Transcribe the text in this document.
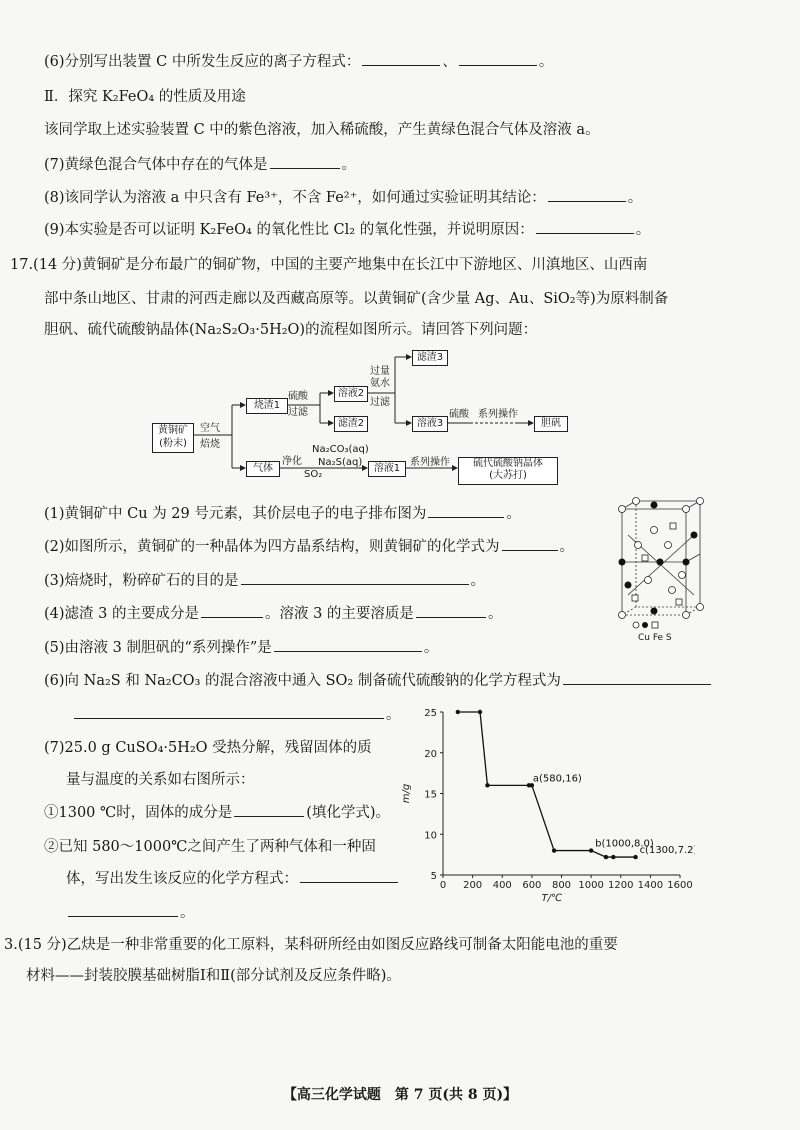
(6)分别写出装置 C 中所发生反应的离子方程式：	、	。
Ⅱ．探究 K₂FeO₄ 的性质及用途
该同学取上述实验装置 C 中的紫色溶液，加入稀硫酸，产生黄绿色混合气体及溶液 a。
(7)黄绿色混合气体中存在的气体是	。
(8)该同学认为溶液 a 中只含有 Fe³⁺，不含 Fe²⁺，如何通过实验证明其结论：	。
(9)本实验是否可以证明 K₂FeO₄ 的氧化性比 Cl₂ 的氧化性强，并说明原因：	。
17.(14 分)黄铜矿是分布最广的铜矿物，中国的主要产地集中在长江中下游地区、川滇地区、山西南
部中条山地区、甘肃的河西走廊以及西藏高原等。以黄铜矿(含少量 Ag、Au、SiO₂等)为原料制备
胆矾、硫代硫酸钠晶体(Na₂S₂O₃·5H₂O)的流程如图所示。请回答下列问题：
黄铜矿
(粉末)
空气
焙烧
烧渣1
硫酸
过滤
溶液2
滤渣2
过量
氨水
过滤
滤渣3
溶液3
硫酸 系列操作
胆矾
气体
净化
SO₂
Na₂CO₃(aq)
Na₂S(aq)
溶液1
系列操作	硫代硫酸钠晶体
(大苏打)
(1)黄铜矿中 Cu 为 29 号元素，其价层电子的电子排布图为	。
(2)如图所示，黄铜矿的一种晶体为四方晶系结构，则黄铜矿的化学式为	。
(3)焙烧时，粉碎矿石的目的是	。
(4)滤渣 3 的主要成分是	。溶液 3 的主要溶质是	。
(5)由溶液 3 制胆矾的“系列操作”是	。
(6)向 Na₂S 和 Na₂CO₃ 的混合溶液中通入 SO₂ 制备硫代硫酸钠的化学方程式为
。
(7)25.0 g CuSO₄·5H₂O 受热分解，残留固体的质
量与温度的关系如右图所示：
①1300 ℃时，固体的成分是	(填化学式)。
②已知 580～1000℃之间产生了两种气体和一种固
体，写出发生该反应的化学方程式：
。
3.(15 分)乙炔是一种非常重要的化工原料，某科研所经由如图反应路线可制备太阳能电池的重要
材料——封装胶膜基础树脂Ⅰ和Ⅱ(部分试剂及反应条件略)。
【高三化学试题　第 7 页(共 8 页)】
Cu Fe S
0 200 400 600 800 1000 1200 1400 1600
5
10
15
20
25
T/℃
m/g
a(580,16)
b(1000,8.0)
c(1300,7.2)
